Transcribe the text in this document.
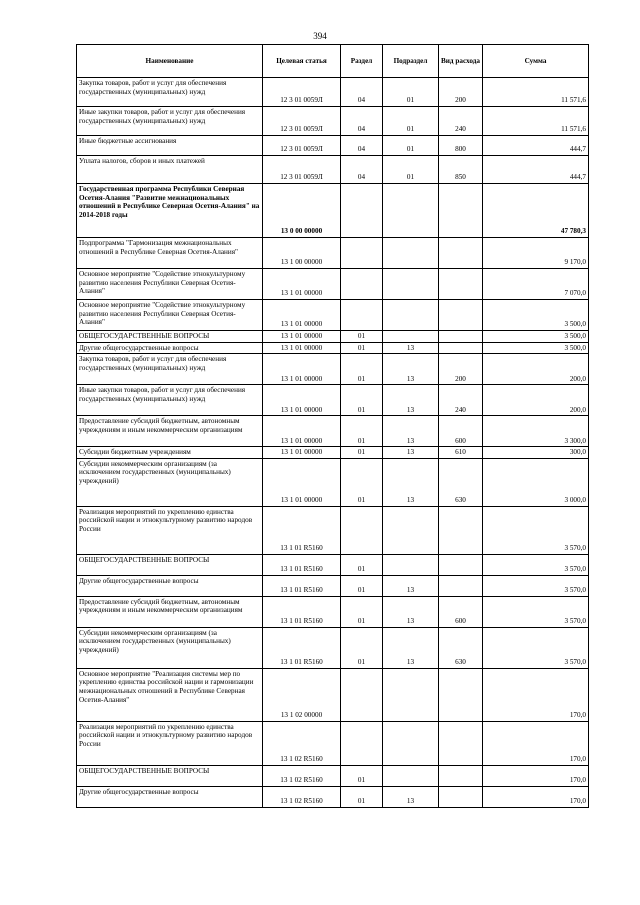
394
Наименование	Целевая статья	Раздел	Подраздел	Вид расхода	Сумма
Закупка товаров, работ и услуг для обеспечения государственных (муниципальных) нужд	12 3 01 0059Л	04	01	200	11 571,6
Иные закупки товаров, работ и услуг для обеспечения государственных (муниципальных) нужд	12 3 01 0059Л	04	01	240	11 571,6
Иные бюджетные ассигнования	12 3 01 0059Л	04	01	800	444,7
Уплата налогов, сборов и иных платежей	12 3 01 0059Л	04	01	850	444,7
Государственная программа Республики Северная Осетия-Алания "Развитие межнациональных отношений в Республике Северная Осетия-Алания" на 2014-2018 годы	13 0 00 00000				47 780,3
Подпрограмма "Гармонизация межнациональных отношений в Республике Северная Осетия-Алания"	13 1 00 00000				9 170,0
Основное мероприятие "Содействие этнокультурному развитию населения Республики Северная Осетия-Алания"	13 1 01 00000				7 070,0
Основное мероприятие "Содействие этнокультурному развитию населения Республики Северная Осетия-Алания"	13 1 01 00000				3 500,0
ОБЩЕГОСУДАРСТВЕННЫЕ ВОПРОСЫ	13 1 01 00000	01			3 500,0
Другие общегосударственные вопросы	13 1 01 00000	01	13		3 500,0
Закупка товаров, работ и услуг для обеспечения государственных (муниципальных) нужд	13 1 01 00000	01	13	200	200,0
Иные закупки товаров, работ и услуг для обеспечения государственных (муниципальных) нужд	13 1 01 00000	01	13	240	200,0
Предоставление субсидий бюджетным, автономным учреждениям и иным некоммерческим организациям	13 1 01 00000	01	13	600	3 300,0
Субсидии бюджетным учреждениям	13 1 01 00000	01	13	610	300,0
Субсидии некоммерческим организациям (за исключением государственных (муниципальных) учреждений)	13 1 01 00000	01	13	630	3 000,0
Реализация мероприятий по укреплению единства российской нации и этнокультурному развитию народов России	13 1 01 R5160				3 570,0
ОБЩЕГОСУДАРСТВЕННЫЕ ВОПРОСЫ	13 1 01 R5160	01			3 570,0
Другие общегосударственные вопросы	13 1 01 R5160	01	13		3 570,0
Предоставление субсидий бюджетным, автономным учреждениям и иным некоммерческим организациям	13 1 01 R5160	01	13	600	3 570,0
Субсидии некоммерческим организациям (за исключением государственных (муниципальных) учреждений)	13 1 01 R5160	01	13	630	3 570,0
Основное мероприятие "Реализация системы мер по укреплению единства российской нации и гармонизации межнациональных отношений в Республике Северная Осетия-Алания"	13 1 02 00000				170,0
Реализация мероприятий по укреплению единства российской нации и этнокультурному развитию народов России	13 1 02 R5160				170,0
ОБЩЕГОСУДАРСТВЕННЫЕ ВОПРОСЫ	13 1 02 R5160	01			170,0
Другие общегосударственные вопросы	13 1 02 R5160	01	13		170,0
